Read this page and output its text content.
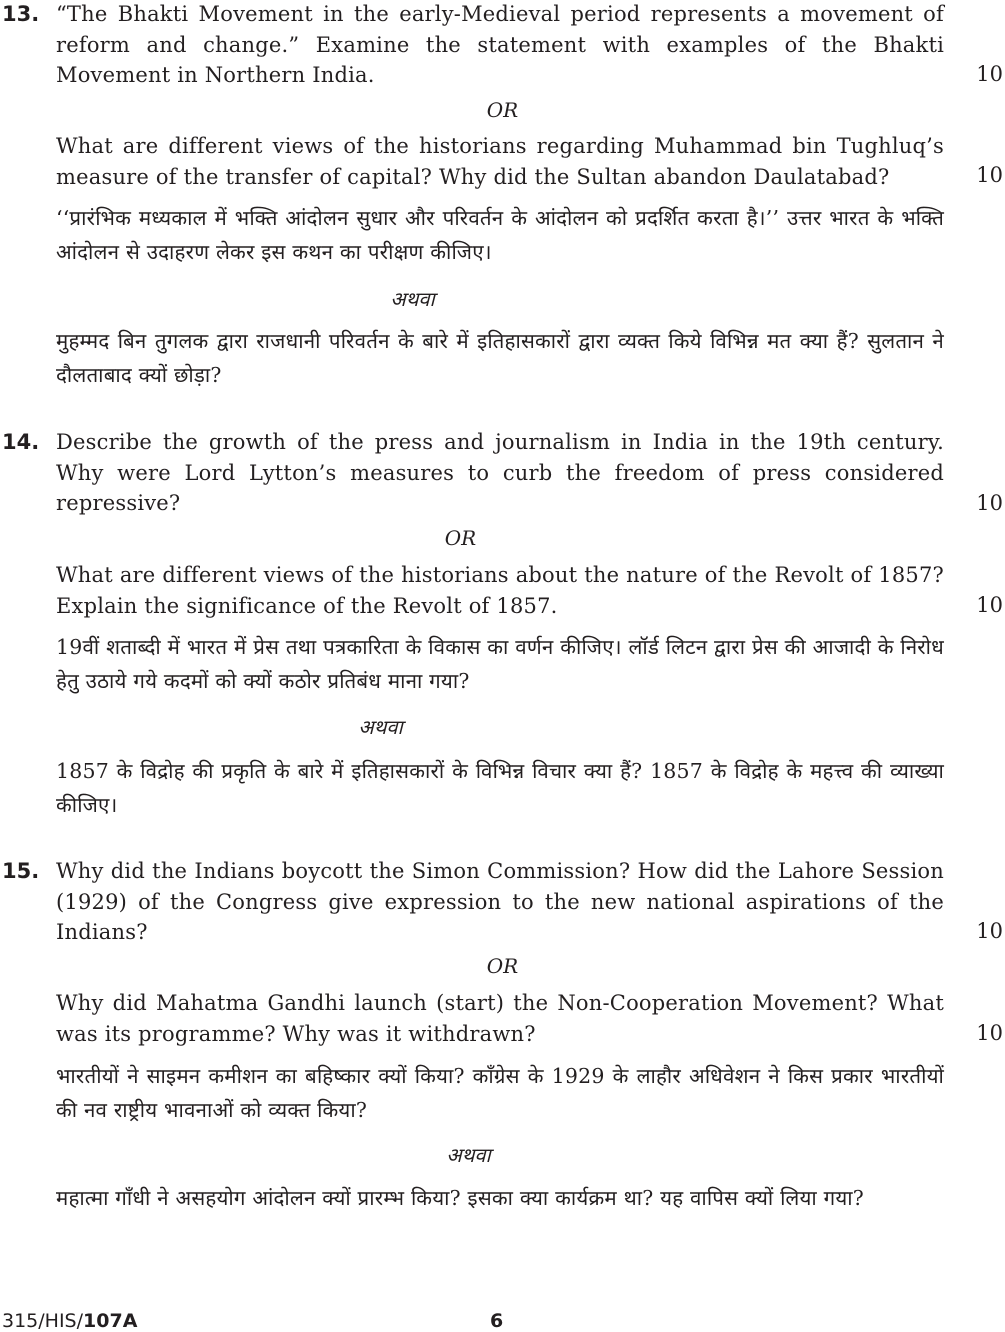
13. “The Bhakti Movement in the early-Medieval period represents a movement of reform and change.” Examine the statement with examples of the Bhakti Movement in Northern India.	10
OR
What are different views of the historians regarding Muhammad bin Tughluq’s measure of the transfer of capital? Why did the Sultan abandon Daulatabad?	10
‘‘प्रारंभिक मध्यकाल में भक्ति आंदोलन सुधार और परिवर्तन के आंदोलन को प्रदर्शित करता है।’’ उत्तर भारत के भक्ति आंदोलन से उदाहरण लेकर इस कथन का परीक्षण कीजिए।
अथवा
मुहम्मद बिन तुगलक द्वारा राजधानी परिवर्तन के बारे में इतिहासकारों द्वारा व्यक्त किये विभिन्न मत क्या हैं? सुलतान ने दौलताबाद क्यों छोड़ा?
14. Describe the growth of the press and journalism in India in the 19th century. Why were Lord Lytton’s measures to curb the freedom of press considered repressive?	10
OR
What are different views of the historians about the nature of the Revolt of 1857? Explain the significance of the Revolt of 1857.	10
19वीं शताब्दी में भारत में प्रेस तथा पत्रकारिता के विकास का वर्णन कीजिए। लॉर्ड लिटन द्वारा प्रेस की आजादी के निरोध हेतु उठाये गये कदमों को क्यों कठोर प्रतिबंध माना गया?
अथवा
1857 के विद्रोह की प्रकृति के बारे में इतिहासकारों के विभिन्न विचार क्या हैं? 1857 के विद्रोह के महत्त्व की व्याख्या कीजिए।
15. Why did the Indians boycott the Simon Commission? How did the Lahore Session (1929) of the Congress give expression to the new national aspirations of the Indians?	10
OR
Why did Mahatma Gandhi launch (start) the Non-Cooperation Movement? What was its programme? Why was it withdrawn?	10
भारतीयों ने साइमन कमीशन का बहिष्कार क्यों किया? काँग्रेस के 1929 के लाहौर अधिवेशन ने किस प्रकार भारतीयों की नव राष्ट्रीय भावनाओं को व्यक्त किया?
अथवा
महात्मा गाँधी ने असहयोग आंदोलन क्यों प्रारम्भ किया? इसका क्या कार्यक्रम था? यह वापिस क्यों लिया गया?
315/HIS/107A	6
